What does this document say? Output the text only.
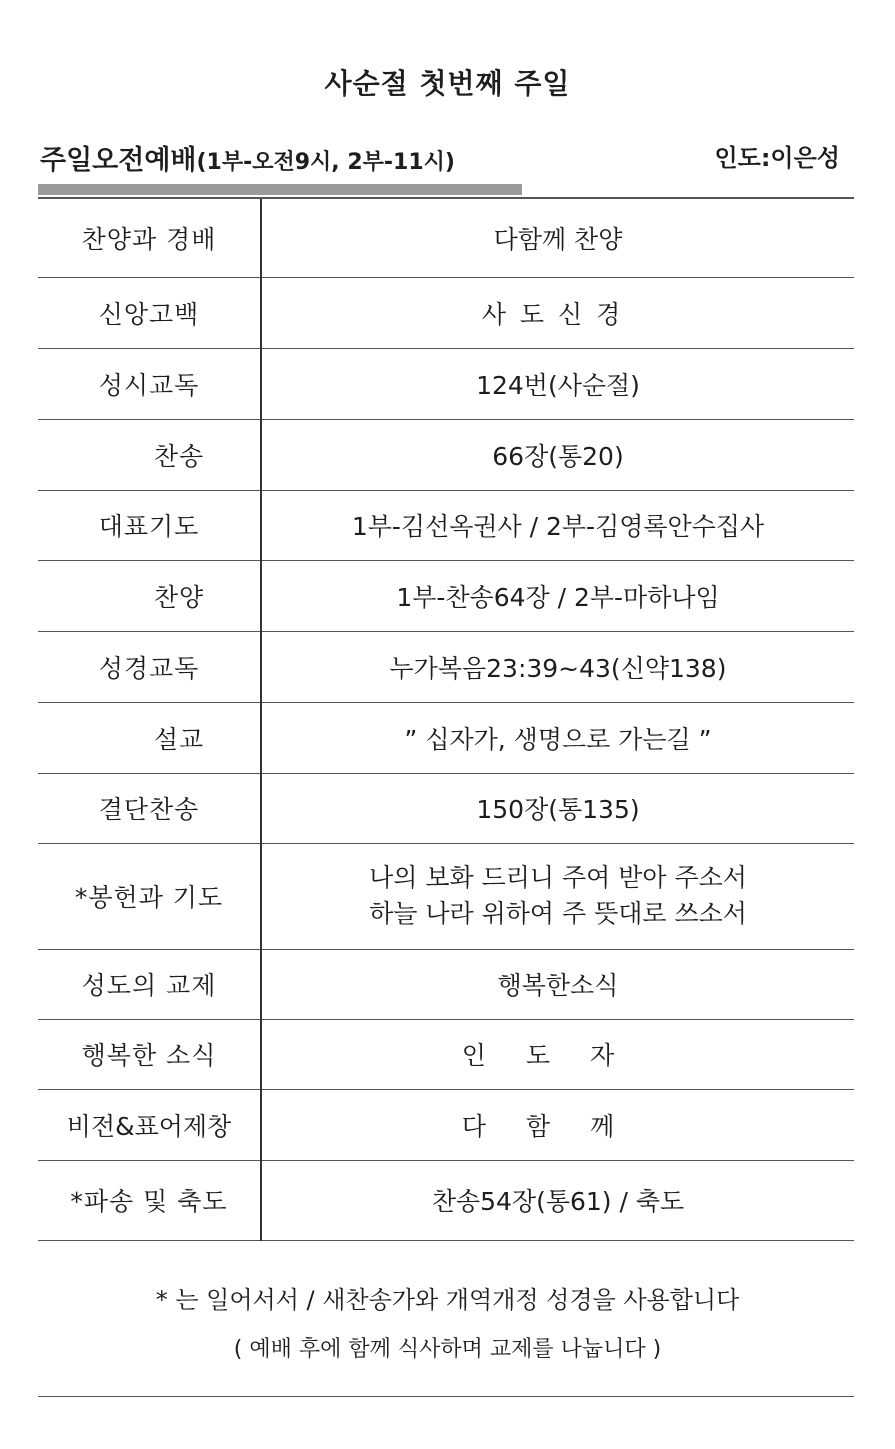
사순절 첫번째 주일
주일오전예배(1부-오전9시, 2부-11시)	인도:이은성
찬양과 경배	다함께 찬양
신앙고백	사도신경
성시교독	124번(사순절)
찬송	66장(통20)
대표기도	1부-김선옥권사 / 2부-김영록안수집사
찬양	1부-찬송64장 / 2부-마하나임
성경교독	누가복음23:39~43(신약138)
설교	” 십자가, 생명으로 가는길 ”
결단찬송	150장(통135)
*봉헌과 기도	나의 보화 드리니 주여 받아 주소서
하늘 나라 위하여 주 뜻대로 쓰소서

성도의 교제	행복한소식
행복한 소식	인도자
비전&표어제창	다함께
*파송 및 축도	찬송54장(통61) / 축도
* 는 일어서서 / 새찬송가와 개역개정 성경을 사용합니다
( 예배 후에 함께 식사하며 교제를 나눕니다 )
